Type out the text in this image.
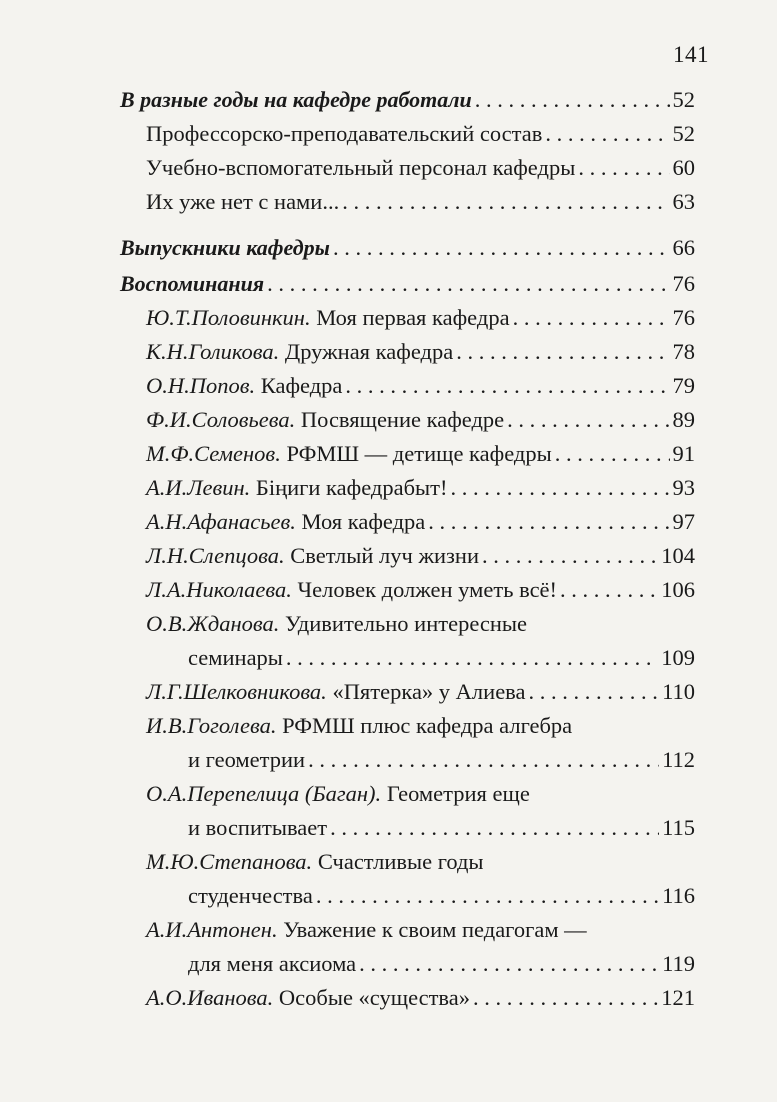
141
В разные годы на кафедре работали . . .	52
Профессорско-преподавательский состав . . .	52
Учебно-вспомогательный персонал кафедры . . .	60
Их уже нет с нами... . . .	63
Выпускники кафедры . . .	66
Воспоминания . . .	76
Ю.Т.Половинкин. Моя первая кафедра . . .	76
К.Н.Голикова. Дружная кафедра . . .	78
О.Н.Попов. Кафедра . . .	79
Ф.И.Соловьева. Посвящение кафедре . . .	89
М.Ф.Семенов. РФМШ — детище кафедры . . .	91
А.И.Левин. Біңиги кафедрабыт! . . .	93
А.Н.Афанасьев. Моя кафедра . . .	97
Л.Н.Слепцова. Светлый луч жизни . . .	104
Л.А.Николаева. Человек должен уметь всё! . . .	106
О.В.Жданова. Удивительно интересные
семинары . . .	109
Л.Г.Шелковникова. «Пятерка» у Алиева . . .	110
И.В.Гоголева. РФМШ плюс кафедра алгебра
и геометрии . . .	112
О.А.Перепелица (Баган). Геометрия еще
и воспитывает . . .	115
М.Ю.Степанова. Счастливые годы
студенчества . . .	116
А.И.Антонен. Уважение к своим педагогам —
для меня аксиома . . .	119
А.О.Иванова. Особые «существа» . . .	121
